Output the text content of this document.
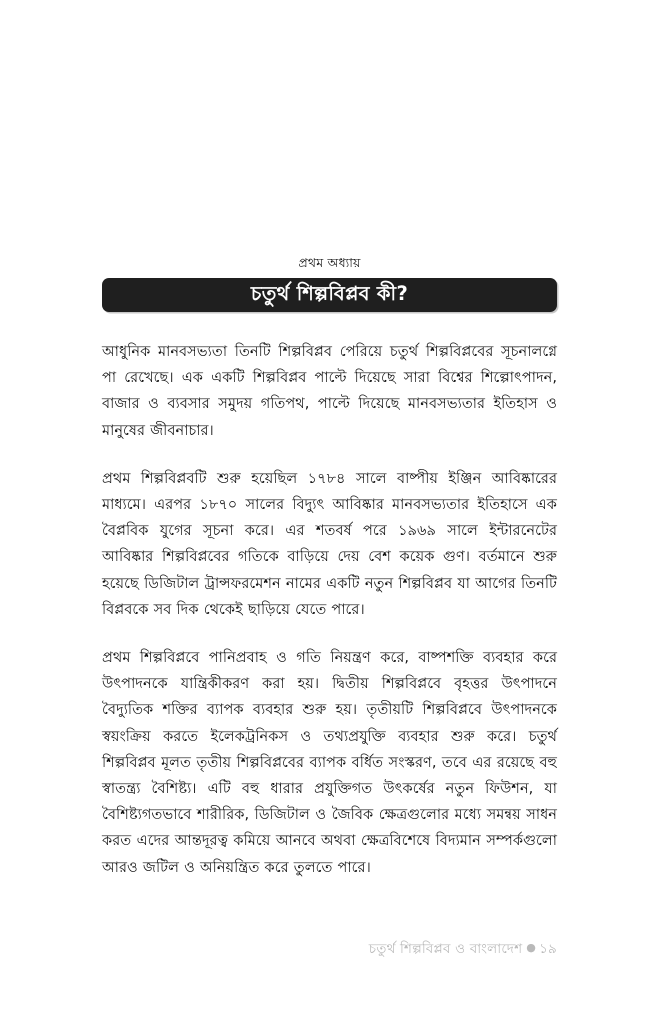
প্রথম অধ্যায়
চতুর্থ শিল্পবিপ্লব কী?

আধুনিক মানবসভ্যতা তিনটি শিল্পবিপ্লব পেরিয়ে চতুর্থ শিল্পবিপ্লবের সূচনালগ্নে পা রেখেছে। এক একটি শিল্পবিপ্লব পাল্টে দিয়েছে সারা বিশ্বের শিল্পোৎপাদন, বাজার ও ব্যবসার সমুদয় গতিপথ, পাল্টে দিয়েছে মানবসভ্যতার ইতিহাস ও মানুষের জীবনাচার।

প্রথম শিল্পবিপ্লবটি শুরু হয়েছিল ১৭৮৪ সালে বাষ্পীয় ইঞ্জিন আবিষ্কারের মাধ্যমে। এরপর ১৮৭০ সালের বিদ্যুৎ আবিষ্কার মানবসভ্যতার ইতিহাসে এক বৈপ্লবিক যুগের সূচনা করে। এর শতবর্ষ পরে ১৯৬৯ সালে ইন্টারনেটের আবিষ্কার শিল্পবিপ্লবের গতিকে বাড়িয়ে দেয় বেশ কয়েক গুণ। বর্তমানে শুরু হয়েছে ডিজিটাল ট্রান্সফরমেশন নামের একটি নতুন শিল্পবিপ্লব যা আগের তিনটি বিপ্লবকে সব দিক থেকেই ছাড়িয়ে যেতে পারে।

প্রথম শিল্পবিপ্লবে পানিপ্রবাহ ও গতি নিয়ন্ত্রণ করে, বাষ্পশক্তি ব্যবহার করে উৎপাদনকে যান্ত্রিকীকরণ করা হয়। দ্বিতীয় শিল্পবিপ্লবে বৃহত্তর উৎপাদনে বৈদ্যুতিক শক্তির ব্যাপক ব্যবহার শুরু হয়। তৃতীয়টি শিল্পবিপ্লবে উৎপাদনকে স্বয়ংক্রিয় করতে ইলেকট্রনিকস ও তথ্যপ্রযুক্তি ব্যবহার শুরু করে। চতুর্থ শিল্পবিপ্লব মূলত তৃতীয় শিল্পবিপ্লবের ব্যাপক বর্ধিত সংস্করণ, তবে এর রয়েছে বহু স্বাতন্ত্র্য বৈশিষ্ট্য। এটি বহু ধারার প্রযুক্তিগত উৎকর্ষের নতুন ফিউশন, যা বৈশিষ্ট্যগতভাবে শারীরিক, ডিজিটাল ও জৈবিক ক্ষেত্রগুলোর মধ্যে সমন্বয় সাধন করত এদের আন্তদূরত্ব কমিয়ে আনবে অথবা ক্ষেত্রবিশেষে বিদ্যমান সম্পর্কগুলো আরও জটিল ও অনিয়ন্ত্রিত করে তুলতে পারে।

চতুর্থ শিল্পবিপ্লব ও বাংলাদেশ ● ১৯
